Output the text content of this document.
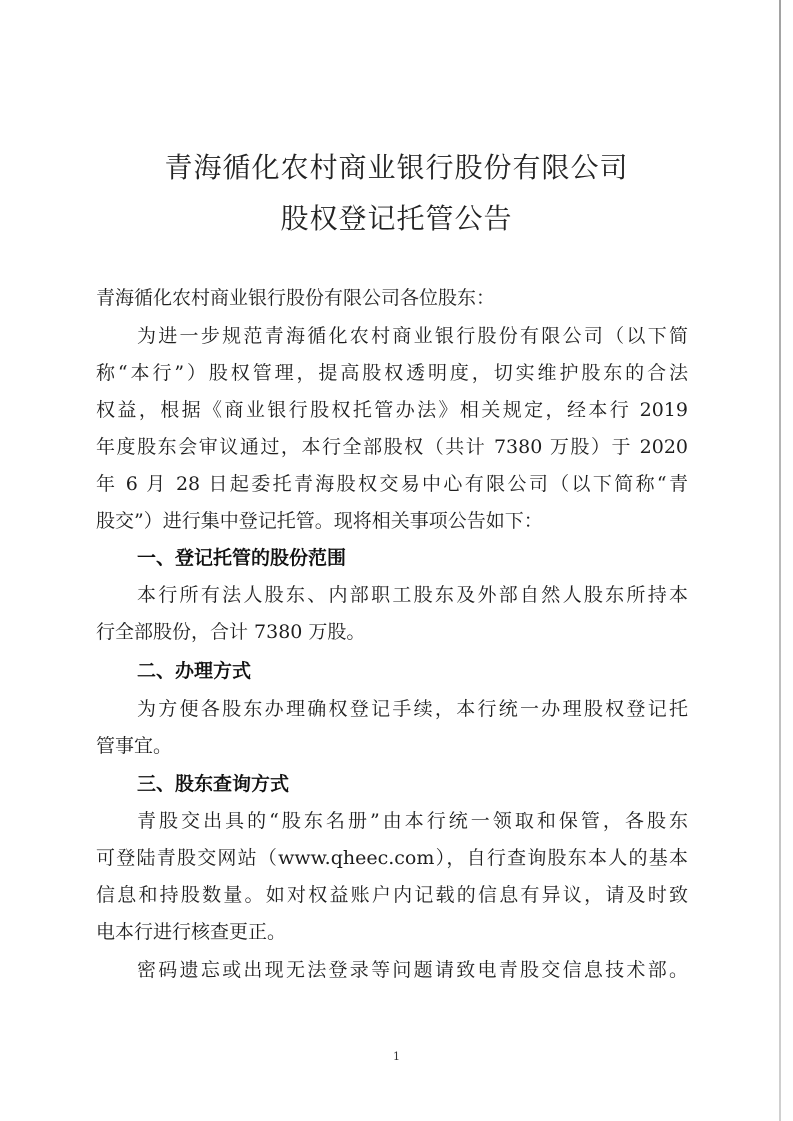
青海循化农村商业银行股份有限公司
股权登记托管公告
青海循化农村商业银行股份有限公司各位股东：
为进一步规范青海循化农村商业银行股份有限公司（以下简
称“本行”）股权管理，提高股权透明度，切实维护股东的合法
权益，根据《商业银行股权托管办法》相关规定，经本行 2019
年度股东会审议通过，本行全部股权（共计 7380 万股）于 2020
年 6 月 28 日起委托青海股权交易中心有限公司（以下简称“青
股交”）进行集中登记托管。现将相关事项公告如下：
一、登记托管的股份范围
本行所有法人股东、内部职工股东及外部自然人股东所持本
行全部股份，合计 7380 万股。
二、办理方式
为方便各股东办理确权登记手续，本行统一办理股权登记托
管事宜。
三、股东查询方式
青股交出具的“股东名册”由本行统一领取和保管，各股东
可登陆青股交网站（www.qheec.com），自行查询股东本人的基本
信息和持股数量。如对权益账户内记载的信息有异议，请及时致
电本行进行核查更正。
密码遗忘或出现无法登录等问题请致电青股交信息技术部。
1
